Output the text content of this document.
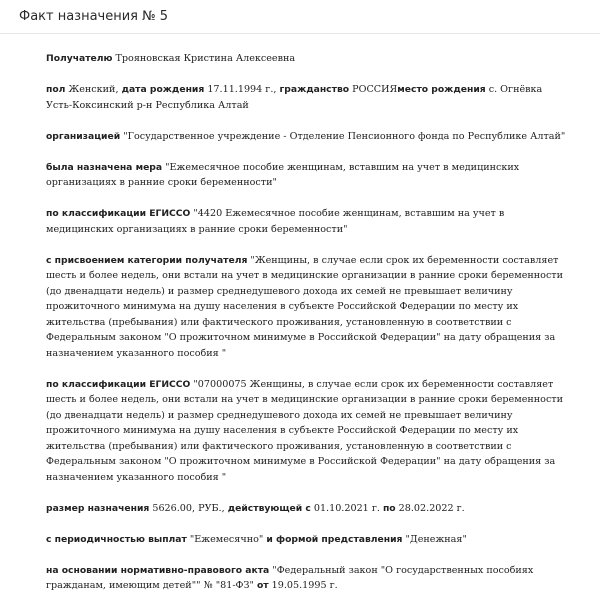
Факт назначения № 5

Получателю Трояновская Кристина Алексеевна

пол Женский, дата рождения 17.11.1994 г., гражданство РОССИЯместо рождения с. Огнёвка Усть-Коксинский р-н Республика Алтай

организацией "Государственное учреждение - Отделение Пенсионного фонда по Республике Алтай"

была назначена мера "Ежемесячное пособие женщинам, вставшим на учет в медицинских организациях в ранние сроки беременности"

по классификации ЕГИССО "4420 Ежемесячное пособие женщинам, вставшим на учет в медицинских организациях в ранние сроки беременности"

с присвоением категории получателя "Женщины, в случае если срок их беременности составляет шесть и более недель, они встали на учет в медицинские организации в ранние сроки беременности (до двенадцати недель) и размер среднедушевого дохода их семей не превышает величину прожиточного минимума на душу населения в субъекте Российской Федерации по месту их жительства (пребывания) или фактического проживания, установленную в соответствии с Федеральным законом "О прожиточном минимуме в Российской Федерации" на дату обращения за назначением указанного пособия "

по классификации ЕГИССО "07000075 Женщины, в случае если срок их беременности составляет шесть и более недель, они встали на учет в медицинские организации в ранние сроки беременности (до двенадцати недель) и размер среднедушевого дохода их семей не превышает величину прожиточного минимума на душу населения в субъекте Российской Федерации по месту их жительства (пребывания) или фактического проживания, установленную в соответствии с Федеральным законом "О прожиточном минимуме в Российской Федерации" на дату обращения за назначением указанного пособия "

размер назначения 5626.00, РУБ., действующей с 01.10.2021 г. по 28.02.2022 г.

с периодичностью выплат "Ежемесячно" и формой представления "Денежная"

на основании нормативно-правового акта "Федеральный закон "О государственных пособиях гражданам, имеющим детей"" № "81-ФЗ" от 19.05.1995 г.
